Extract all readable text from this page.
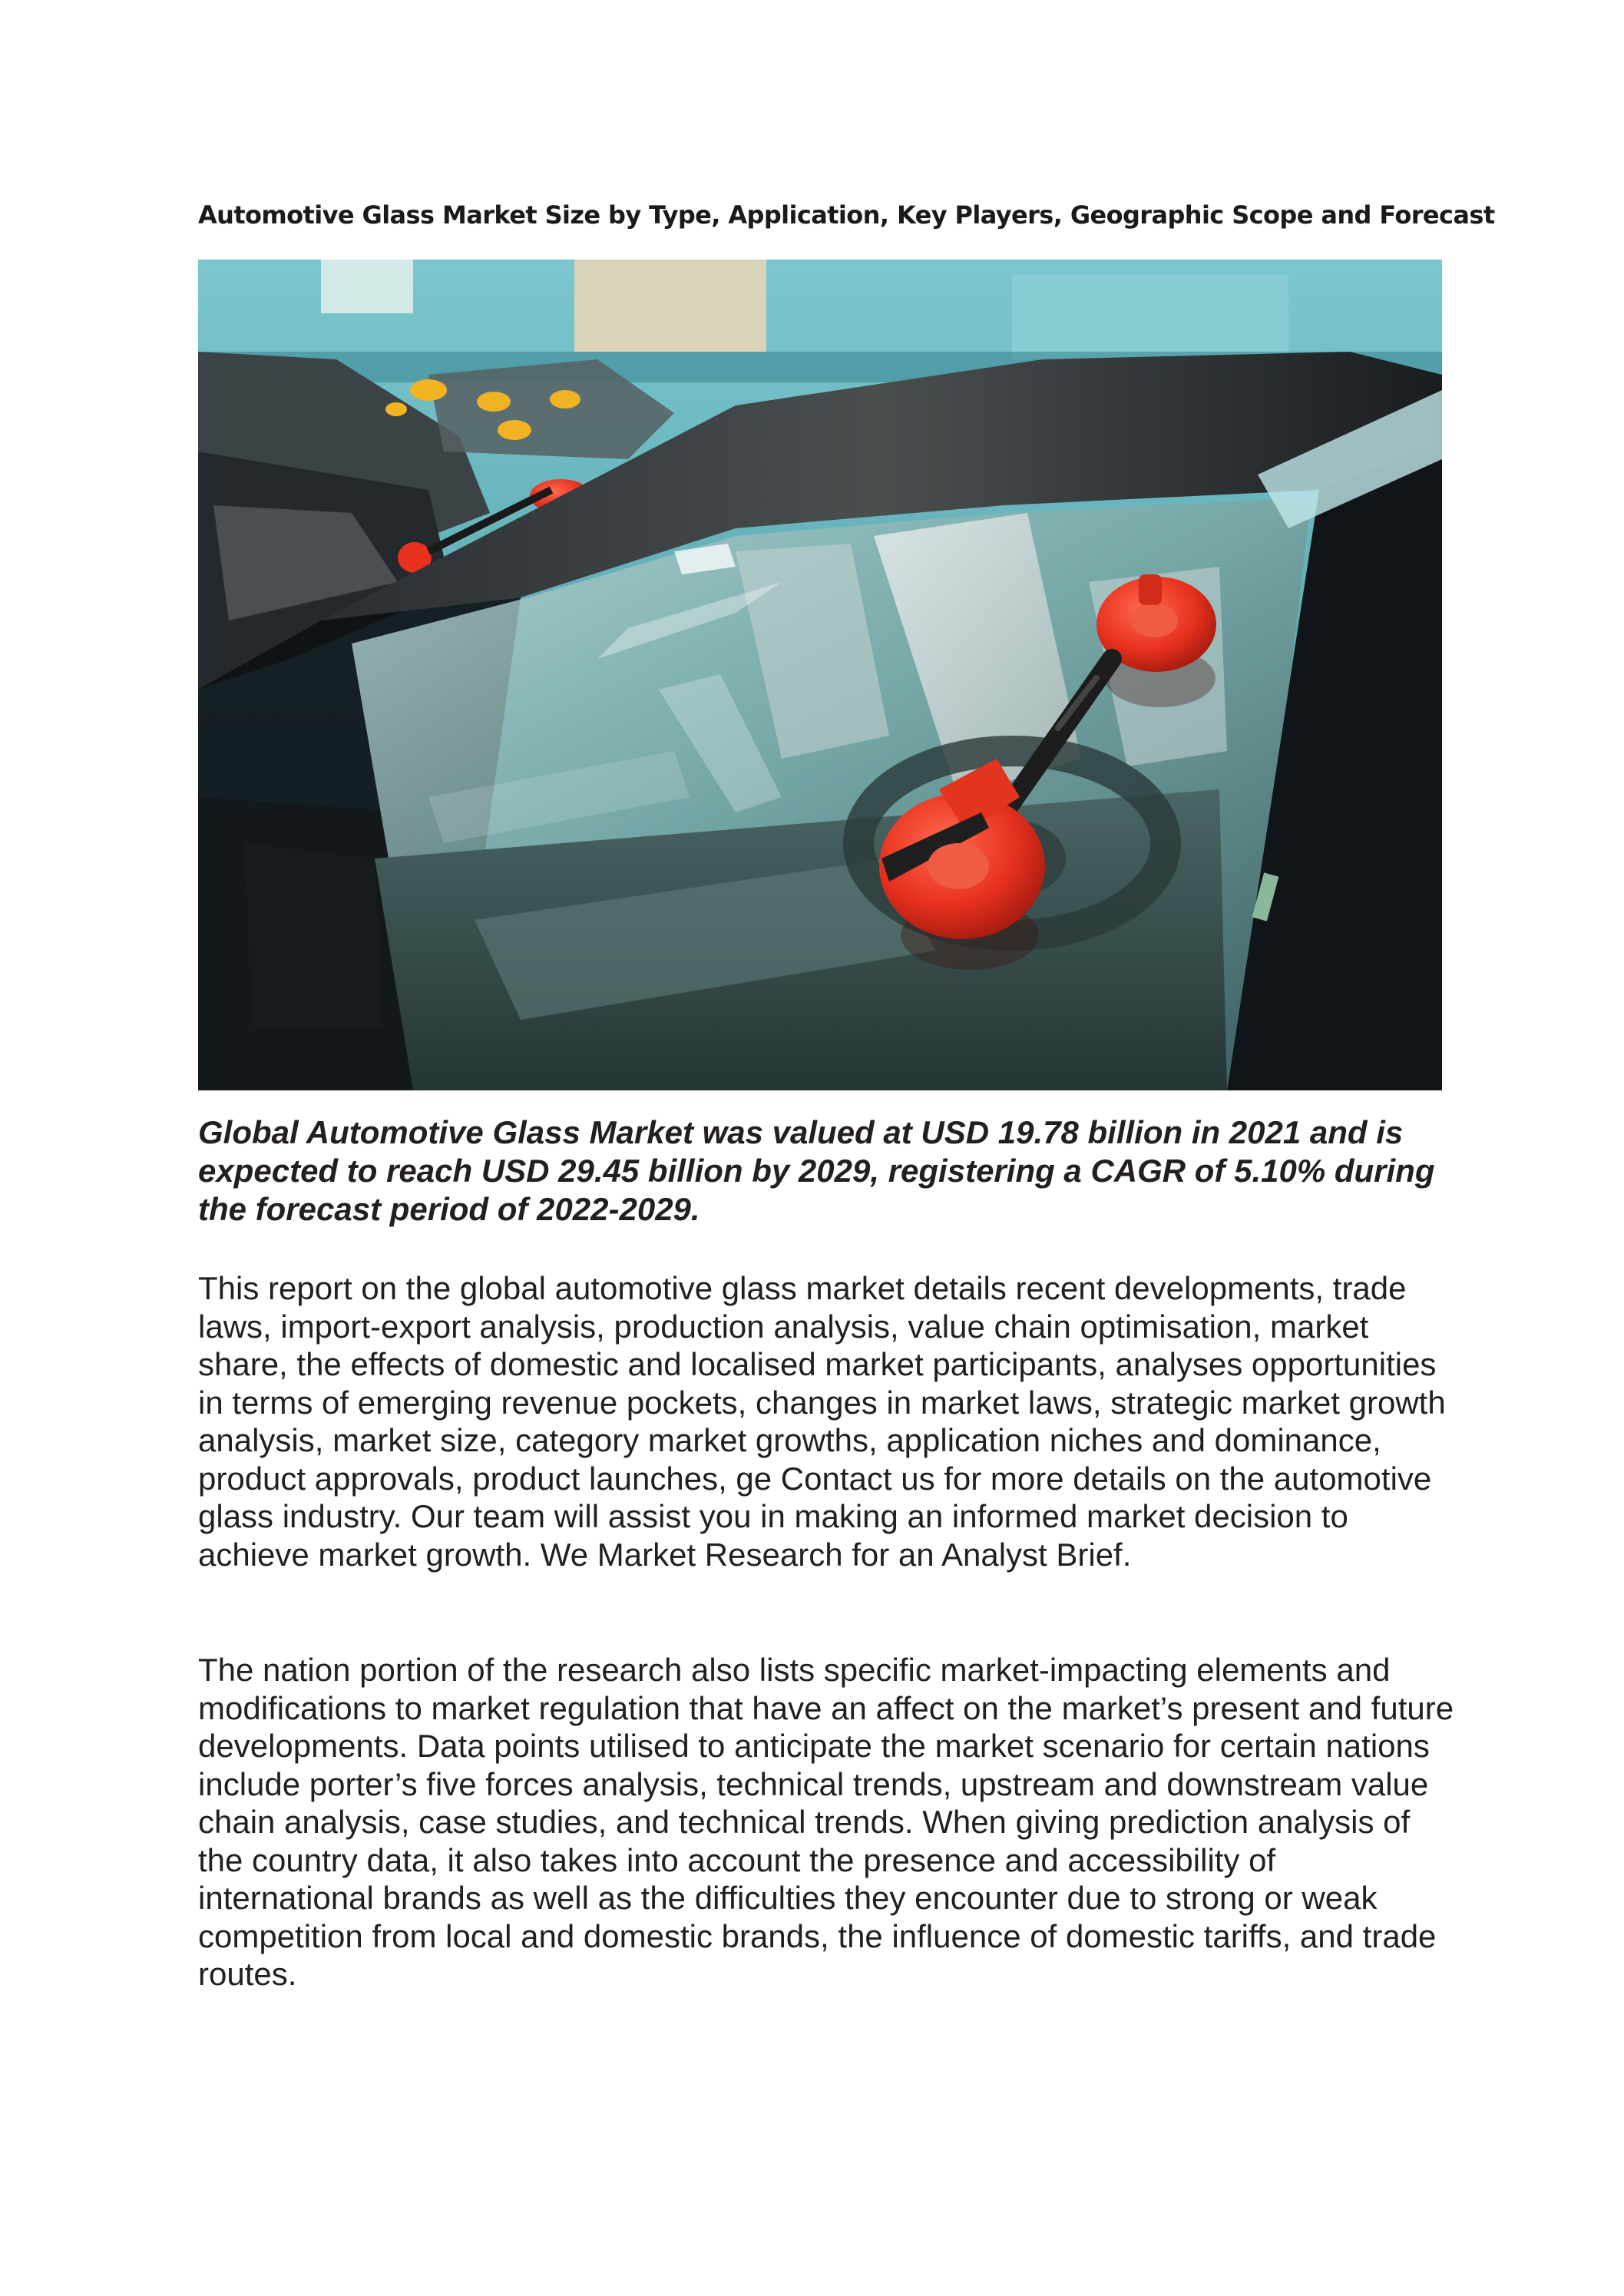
Automotive Glass Market Size by Type, Application, Key Players, Geographic Scope and Forecast

Global Automotive Glass Market was valued at USD 19.78 billion in 2021 and is expected to reach USD 29.45 billion by 2029, registering a CAGR of 5.10% during the forecast period of 2022-2029.

This report on the global automotive glass market details recent developments, trade laws, import-export analysis, production analysis, value chain optimisation, market share, the effects of domestic and localised market participants, analyses opportunities in terms of emerging revenue pockets, changes in market laws, strategic market growth analysis, market size, category market growths, application niches and dominance, product approvals, product launches, ge Contact us for more details on the automotive glass industry. Our team will assist you in making an informed market decision to achieve market growth. We Market Research for an Analyst Brief.

The nation portion of the research also lists specific market-impacting elements and modifications to market regulation that have an affect on the market’s present and future developments. Data points utilised to anticipate the market scenario for certain nations include porter’s five forces analysis, technical trends, upstream and downstream value chain analysis, case studies, and technical trends. When giving prediction analysis of the country data, it also takes into account the presence and accessibility of international brands as well as the difficulties they encounter due to strong or weak competition from local and domestic brands, the influence of domestic tariffs, and trade routes.
